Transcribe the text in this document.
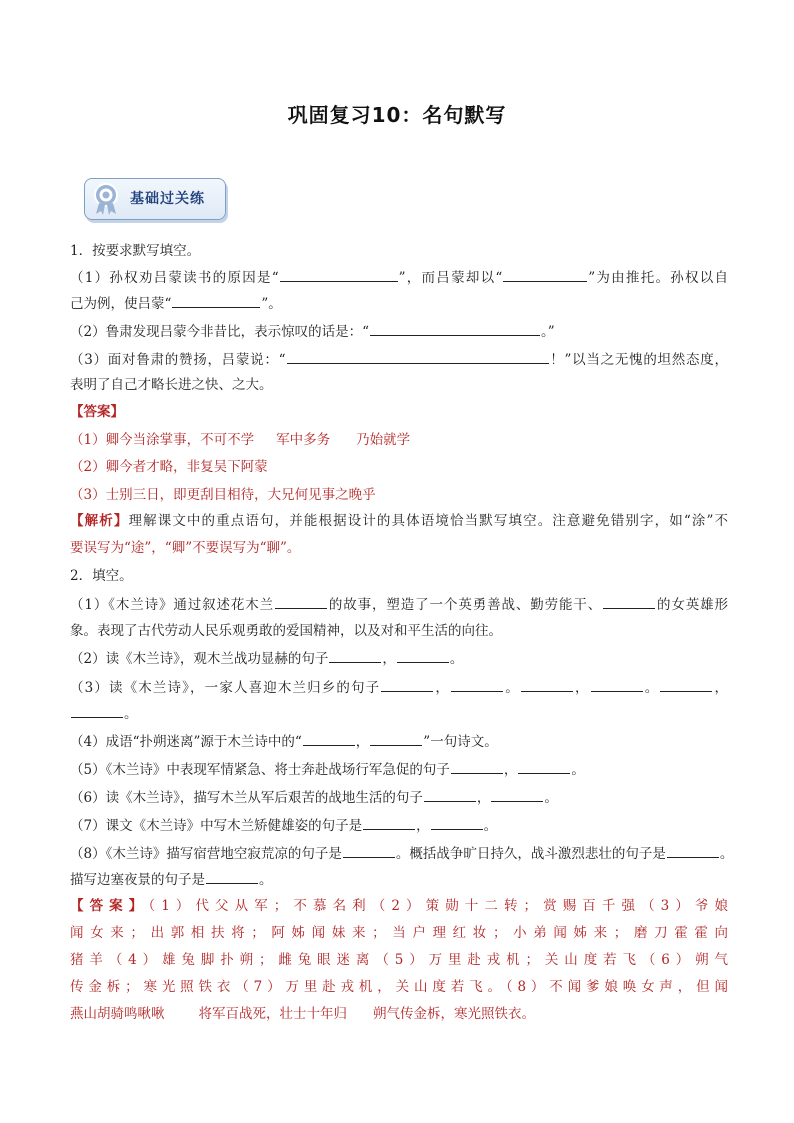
巩固复习10：名句默写
基础过关练
1．按要求默写填空。
（1）孙权劝吕蒙读书的原因是“	”，而吕蒙却以“	”为由推托。孙权以自
己为例，使吕蒙“	”。
（2）鲁肃发现吕蒙今非昔比，表示惊叹的话是：“	。”
（3）面对鲁肃的赞扬，吕蒙说：“	！”以当之无愧的坦然态度，
表明了自己才略长进之快、之大。
【答案】
（1）卿今当涂掌事，不可不学 军中多务 乃始就学
（2）卿今者才略，非复吴下阿蒙
（3）士别三日，即更刮目相待，大兄何见事之晚乎
【解析】理解课文中的重点语句，并能根据设计的具体语境恰当默写填空。注意避免错别字，如“涂”不
要误写为“途”，“卿”不要误写为“聊”。
2．填空。
（1）《木兰诗》通过叙述花木兰	的故事，塑造了一个英勇善战、勤劳能干、	的女英雄形
象。表现了古代劳动人民乐观勇敢的爱国精神，以及对和平生活的向往。
（2）读《木兰诗》，观木兰战功显赫的句子	，	。
（3）读《木兰诗》，一家人喜迎木兰归乡的句子	，	。	，	。	，
。
（4）成语“扑朔迷离”源于木兰诗中的“	，	”一句诗文。
（5）《木兰诗》中表现军情紧急、将士奔赴战场行军急促的句子	，	。
（6）读《木兰诗》，描写木兰从军后艰苦的战地生活的句子	，	。
（7）课文《木兰诗》中写木兰矫健雄姿的句子是	，	。
（8）《木兰诗》描写宿营地空寂荒凉的句子是	。概括战争旷日持久，战斗激烈悲壮的句子是	。
描写边塞夜景的句子是	。
【答案】（1）代父从军；不慕名利（2）策勋十二转；赏赐百千强（3）爷娘
闻女来；出郭相扶将；阿姊闻妹来；当户理红妆；小弟闻姊来；磨刀霍霍向
猪羊（4）雄兔脚扑朔；雌兔眼迷离（5）万里赴戎机；关山度若飞（6）朔气
传金柝；寒光照铁衣（7）万里赴戎机，关山度若飞。（8）不闻爹娘唤女声，但闻
燕山胡骑鸣啾啾	将军百战死，壮士十年归 朔气传金柝，寒光照铁衣。
